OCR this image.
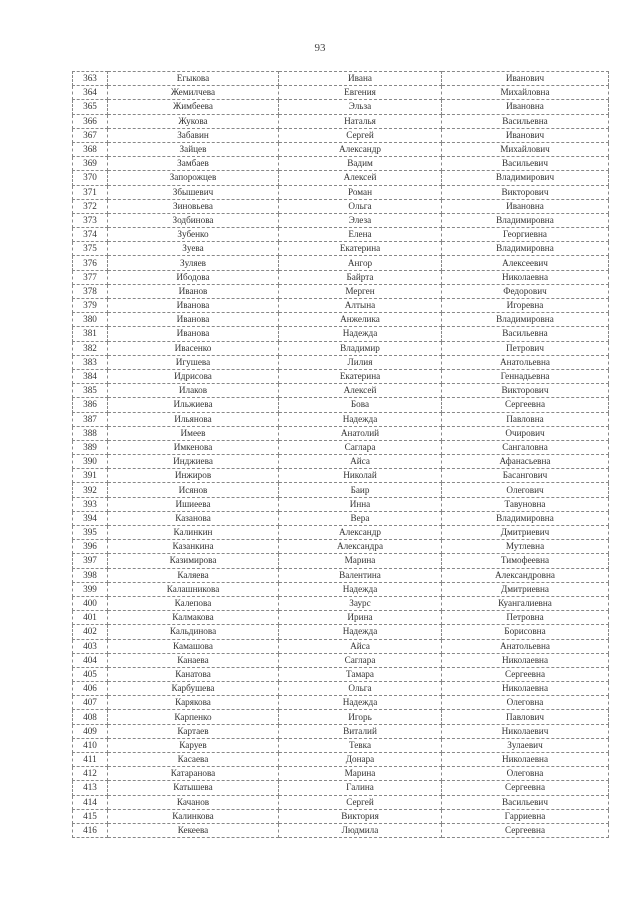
93
363	Егыкова	Ивана	Иванович
364	Жемилчева	Евгения	Михайловна
365	Жимбеева	Эльза	Ивановна
366	Жукова	Наталья	Васильевна
367	Забавин	Сергей	Иванович
368	Зайцев	Александр	Михайлович
369	Замбаев	Вадим	Васильевич
370	Запорожцев	Алексей	Владимирович
371	Збышевич	Роман	Викторович
372	Зиновьева	Ольга	Ивановна
373	Зодбинова	Элеза	Владимировна
374	Зубенко	Елена	Георгиевна
375	Зуева	Екатерина	Владимировна
376	Зуляев	Ангор	Алексеевич
377	Ибодова	Байрта	Николаевна
378	Иванов	Мерген	Федорович
379	Иванова	Алтына	Игоревна
380	Иванова	Анжелика	Владимировна
381	Иванова	Надежда	Васильевна
382	Ивасенко	Владимир	Петрович
383	Игушева	Лилия	Анатольевна
384	Идрисова	Екатерина	Геннадьевна
385	Илаков	Алексей	Викторович
386	Ильжиева	Бова	Сергеевна
387	Ильянова	Надежда	Павловна
388	Имеев	Анатолий	Очирович
389	Имкенова	Саглара	Сангаловна
390	Инджиева	Айса	Афанасьевна
391	Инжиров	Николай	Басангович
392	Исянов	Баир	Олегович
393	Ишиеева	Инна	Тавуновна
394	Казанова	Вера	Владимировна
395	Калинкин	Александр	Дмитриевич
396	Казанкина	Александра	Мутлевна
397	Казимирова	Марина	Тимофеевна
398	Каляева	Валентина	Александровна
399	Калашникова	Надежда	Дмитриевна
400	Калепова	Заурс	Куангалиевна
401	Калмакова	Ирина	Петровна
402	Кальдинова	Надежда	Борисовна
403	Камашова	Айса	Анатольевна
404	Канаева	Саглара	Николаевна
405	Канатова	Тамара	Сергеевна
406	Карбушева	Ольга	Николаевна
407	Карякова	Надежда	Олеговна
408	Карпенко	Игорь	Павлович
409	Картаев	Виталий	Николаевич
410	Каруев	Тевка	Зулаевич
411	Касаева	Донара	Николаевна
412	Катаранова	Марина	Олеговна
413	Катышева	Галина	Сергеевна
414	Качанов	Сергей	Васильевич
415	Калинкова	Виктория	Гарриевна
416	Кекеева	Людмила	Сергеевна
